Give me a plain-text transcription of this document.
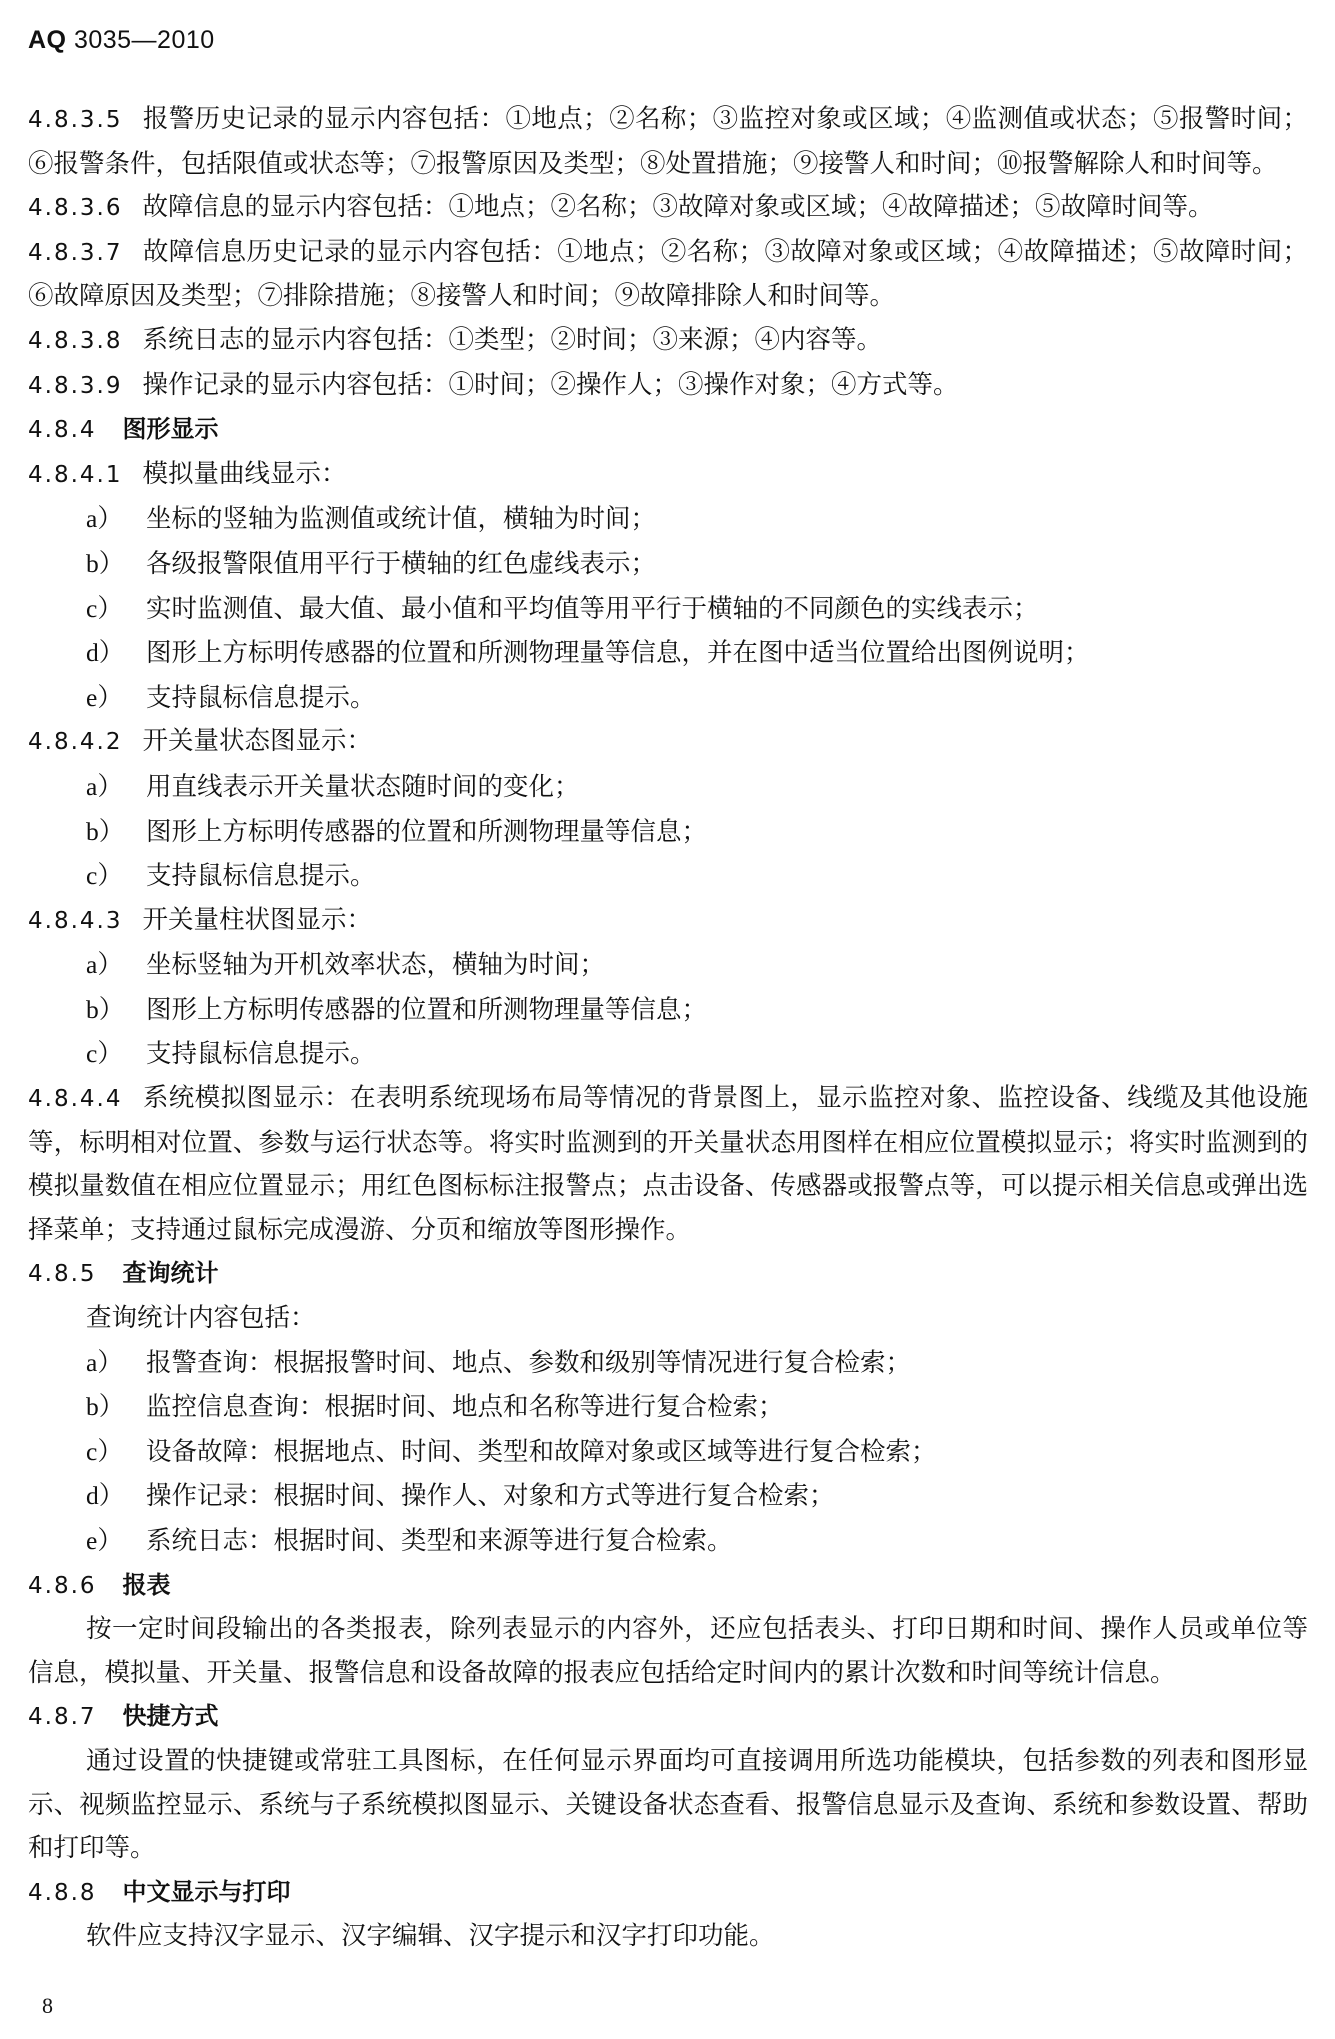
AQ 3035—2010

4.8.3.5 报警历史记录的显示内容包括：①地点；②名称；③监控对象或区域；④监测值或状态；⑤报警时间；⑥报警条件，包括限值或状态等；⑦报警原因及类型；⑧处置措施；⑨接警人和时间；⑩报警解除人和时间等。

4.8.3.6 故障信息的显示内容包括：①地点；②名称；③故障对象或区域；④故障描述；⑤故障时间等。

4.8.3.7 故障信息历史记录的显示内容包括：①地点；②名称；③故障对象或区域；④故障描述；⑤故障时间；⑥故障原因及类型；⑦排除措施；⑧接警人和时间；⑨故障排除人和时间等。

4.8.3.8 系统日志的显示内容包括：①类型；②时间；③来源；④内容等。

4.8.3.9 操作记录的显示内容包括：①时间；②操作人；③操作对象；④方式等。

4.8.4 图形显示

4.8.4.1 模拟量曲线显示：

a） 坐标的竖轴为监测值或统计值，横轴为时间；

b） 各级报警限值用平行于横轴的红色虚线表示；

c） 实时监测值、最大值、最小值和平均值等用平行于横轴的不同颜色的实线表示；

d） 图形上方标明传感器的位置和所测物理量等信息，并在图中适当位置给出图例说明；

e） 支持鼠标信息提示。

4.8.4.2 开关量状态图显示：

a） 用直线表示开关量状态随时间的变化；

b） 图形上方标明传感器的位置和所测物理量等信息；

c） 支持鼠标信息提示。

4.8.4.3 开关量柱状图显示：

a） 坐标竖轴为开机效率状态，横轴为时间；

b） 图形上方标明传感器的位置和所测物理量等信息；

c） 支持鼠标信息提示。

4.8.4.4 系统模拟图显示：在表明系统现场布局等情况的背景图上，显示监控对象、监控设备、线缆及其他设施等，标明相对位置、参数与运行状态等。将实时监测到的开关量状态用图样在相应位置模拟显示；将实时监测到的模拟量数值在相应位置显示；用红色图标标注报警点；点击设备、传感器或报警点等，可以提示相关信息或弹出选择菜单；支持通过鼠标完成漫游、分页和缩放等图形操作。

4.8.5 查询统计

查询统计内容包括：

a） 报警查询：根据报警时间、地点、参数和级别等情况进行复合检索；

b） 监控信息查询：根据时间、地点和名称等进行复合检索；

c） 设备故障：根据地点、时间、类型和故障对象或区域等进行复合检索；

d） 操作记录：根据时间、操作人、对象和方式等进行复合检索；

e） 系统日志：根据时间、类型和来源等进行复合检索。

4.8.6 报表

按一定时间段输出的各类报表，除列表显示的内容外，还应包括表头、打印日期和时间、操作人员或单位等信息，模拟量、开关量、报警信息和设备故障的报表应包括给定时间内的累计次数和时间等统计信息。

4.8.7 快捷方式

通过设置的快捷键或常驻工具图标，在任何显示界面均可直接调用所选功能模块，包括参数的列表和图形显示、视频监控显示、系统与子系统模拟图显示、关键设备状态查看、报警信息显示及查询、系统和参数设置、帮助和打印等。

4.8.8 中文显示与打印

软件应支持汉字显示、汉字编辑、汉字提示和汉字打印功能。

8
